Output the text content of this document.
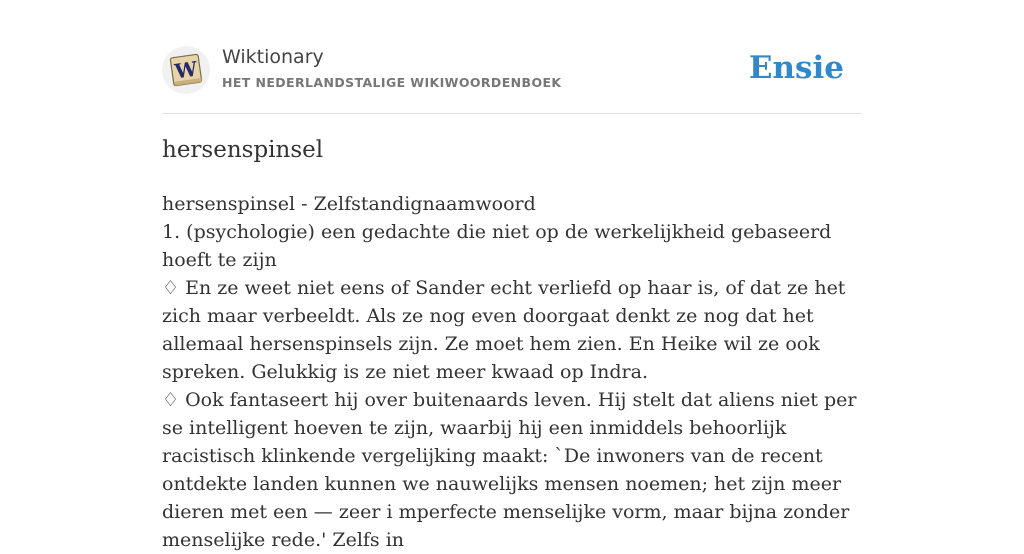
W Wiktionary
HET NEDERLANDSTALIGE WIKIWOORDENBOEK	Ensie
hersenspinsel

hersenspinsel - Zelfstandignaamwoord

1. (psychologie) een gedachte die niet op de werkelijkheid gebaseerd hoeft te zijn

♢ En ze weet niet eens of Sander echt verliefd op haar is, of dat ze het zich maar verbeeldt. Als ze nog even doorgaat denkt ze nog dat het allemaal hersenspinsels zijn. Ze moet hem zien. En Heike wil ze ook spreken. Gelukkig is ze niet meer kwaad op Indra.

♢ Ook fantaseert hij over buitenaards leven. Hij stelt dat aliens niet per se intelligent hoeven te zijn, waarbij hij een inmiddels behoorlijk racistisch klinkende vergelijking maakt: `De inwoners van de recent ontdekte landen kunnen we nauwelijks mensen noemen; het zijn meer dieren met een — zeer i mperfecte menselijke vorm, maar bijna zonder menselijke rede.' Zelfs in
